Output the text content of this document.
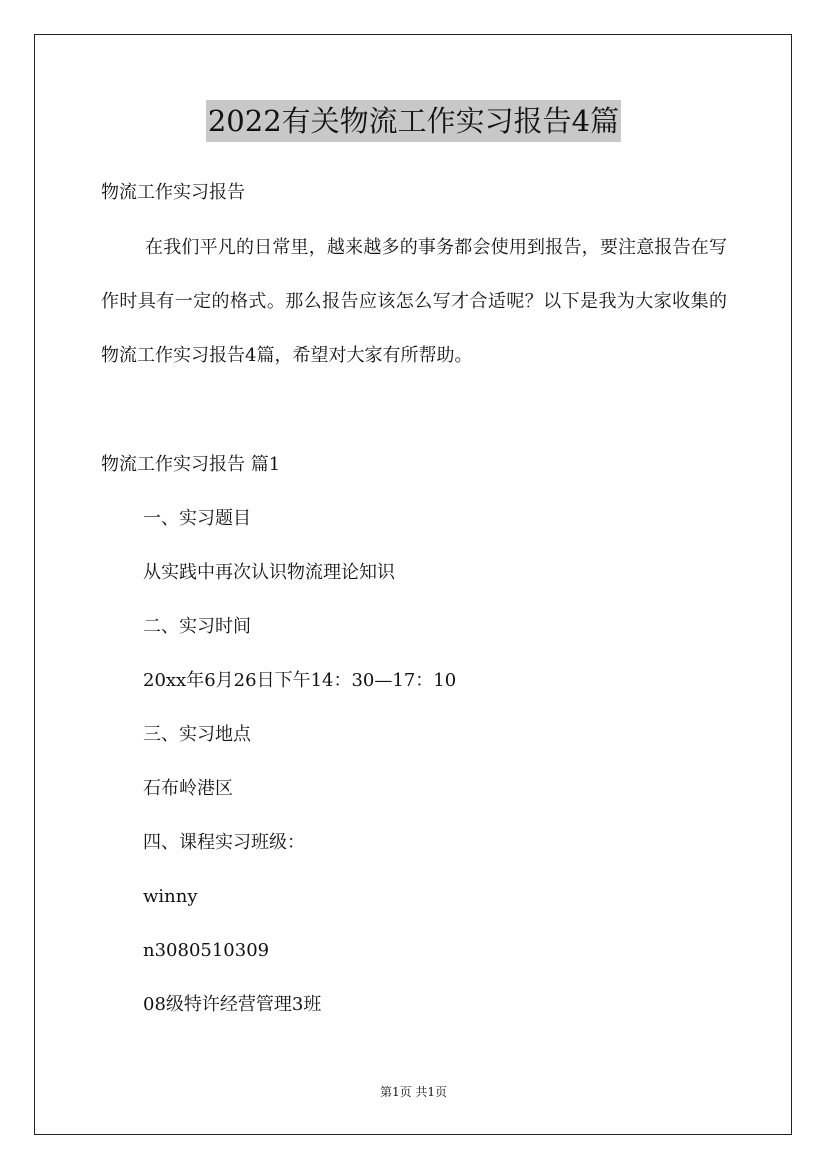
2022有关物流工作实习报告4篇

物流工作实习报告

在我们平凡的日常里，越来越多的事务都会使用到报告，要注意报告在写作时具有一定的格式。那么报告应该怎么写才合适呢？以下是我为大家收集的物流工作实习报告4篇，希望对大家有所帮助。

物流工作实习报告 篇1

一、实习题目

从实践中再次认识物流理论知识

二、实习时间

20xx年6月26日下午14：30—17：10

三、实习地点

石布岭港区

四、课程实习班级：

winny

n3080510309

08级特许经营管理3班

第1页 共1页
